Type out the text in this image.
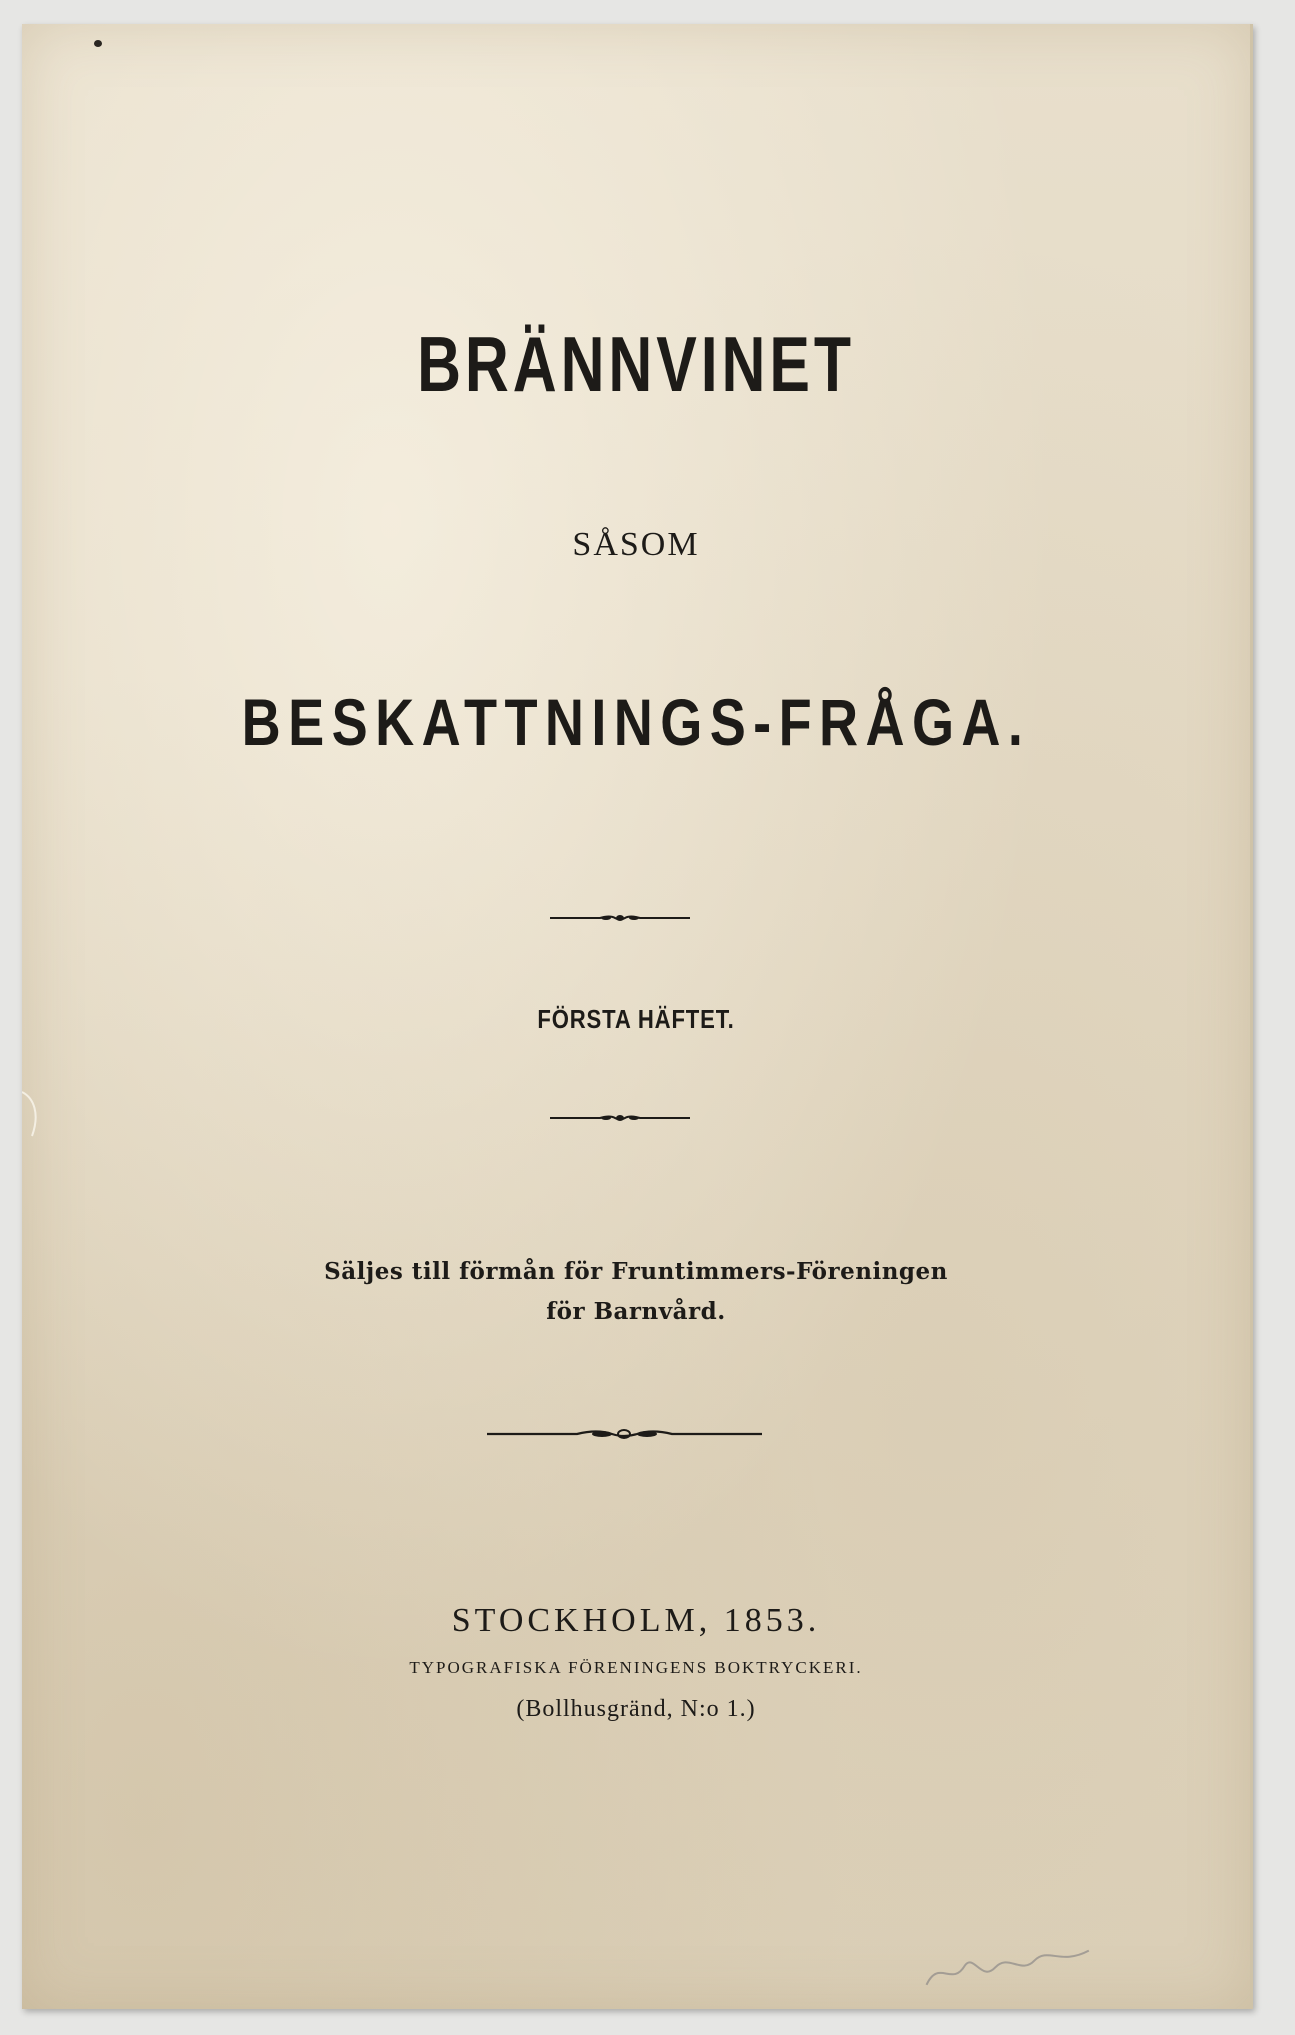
BRÄNNVINET
SÅSOM
BESKATTNINGS-FRÅGA.
FÖRSTA HÄFTET.
Säljes till förmån för Fruntimmers-Föreningen
för Barnvård.
STOCKHOLM, 1853.
TYPOGRAFISKA FÖRENINGENS BOKTRYCKERI.
(Bollhusgränd, N:o 1.)
